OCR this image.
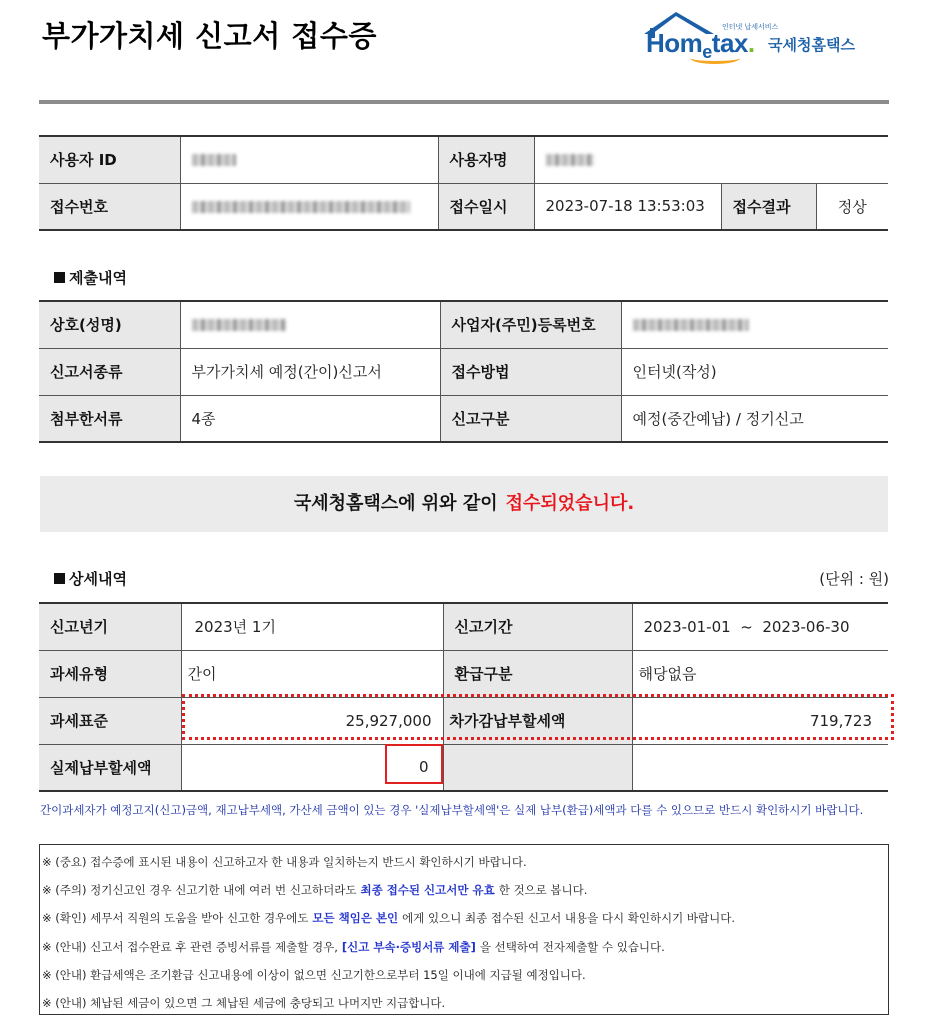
부가가치세 신고서 접수증	인터넷 납세서비스
Hom$_e$tax. 국세청홈택스
사용자 ID		사용자명			
접수번호		접수일시	2023-07-18 13:53:03	접수결과	정상
제출내역
상호(성명)		사업자(주민)등록번호	
신고서종류	부가가치세 예정(간이)신고서	접수방법	인터넷(작성)
첨부한서류	4종	신고구분	예정(중간예납) / 정기신고
국세청홈택스에 위와 같이 접수되었습니다.
상세내역	(단위 : 원)
신고년기	2023년 1기	신고기간	2023-01-01  ~  2023-06-30
과세유형	간이	환급구분	해당없음
과세표준	25,927,000	차가감납부할세액	719,723
실제납부할세액	0		
간이과세자가 예정고지(신고)금액, 재고납부세액, 가산세 금액이 있는 경우 '실제납부할세액'은 실제 납부(환급)세액과 다를 수 있으므로 반드시 확인하시기 바랍니다.
※ (중요) 접수증에 표시된 내용이 신고하고자 한 내용과 일치하는지 반드시 확인하시기 바랍니다.
※ (주의) 정기신고인 경우 신고기한 내에 여러 번 신고하더라도 최종 접수된 신고서만 유효 한 것으로 봅니다.
※ (확인) 세무서 직원의 도움을 받아 신고한 경우에도 모든 책임은 본인 에게 있으니 최종 접수된 신고서 내용을 다시 확인하시기 바랍니다.
※ (안내) 신고서 접수완료 후 관련 증빙서류를 제출할 경우, [신고 부속·증빙서류 제출] 을 선택하여 전자제출할 수 있습니다.
※ (안내) 환급세액은 조기환급 신고내용에 이상이 없으면 신고기한으로부터 15일 이내에 지급될 예정입니다.
※ (안내) 체납된 세금이 있으면 그 체납된 세금에 충당되고 나머지만 지급합니다.
